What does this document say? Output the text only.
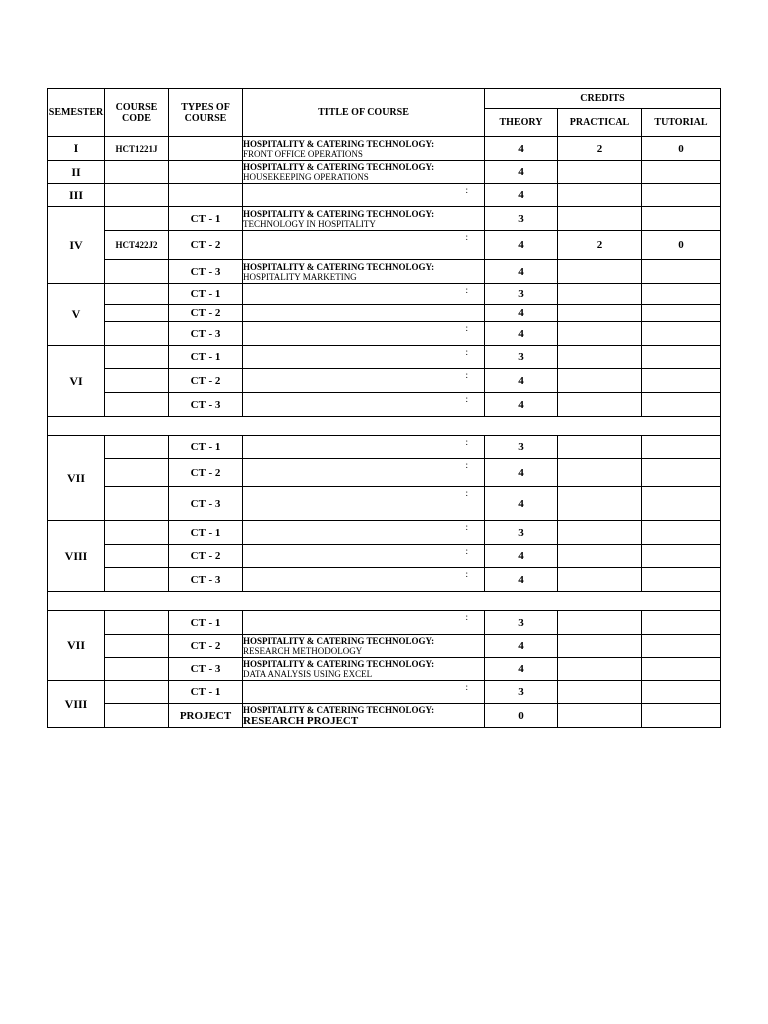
SEMESTER	COURSE CODE	TYPES OF COURSE	TITLE OF COURSE	CREDITS		
				THEORY	PRACTICAL	TUTORIAL
I	HCT1221J		HOSPITALITY & CATERING TECHNOLOGY:
FRONT OFFICE OPERATIONS	4	2	0
II			HOSPITALITY & CATERING TECHNOLOGY:
HOUSEKEEPING OPERATIONS	4		
III			:	4		
IV		CT - 1	HOSPITALITY & CATERING TECHNOLOGY:
TECHNOLOGY IN HOSPITALITY	3		
	HCT422J2	CT - 2	:	4	2	0
		CT - 3	HOSPITALITY & CATERING TECHNOLOGY:
HOSPITALITY MARKETING	4		
V		CT - 1	:	3		
		CT - 2		4		
		CT - 3	:	4		
VI		CT - 1	:	3		
		CT - 2	:	4		
		CT - 3	:	4		

VII		CT - 1	:	3		
		CT - 2	:	4		
		CT - 3	:	4		
VIII		CT - 1	:	3		
		CT - 2	:	4		
		CT - 3	:	4		

VII		CT - 1	:	3		
		CT - 2	HOSPITALITY & CATERING TECHNOLOGY:
RESEARCH METHODOLOGY	4		
		CT - 3	HOSPITALITY & CATERING TECHNOLOGY:
DATA ANALYSIS USING EXCEL	4		
VIII		CT - 1	:	3		
		PROJECT	HOSPITALITY & CATERING TECHNOLOGY:
RESEARCH PROJECT	0		
